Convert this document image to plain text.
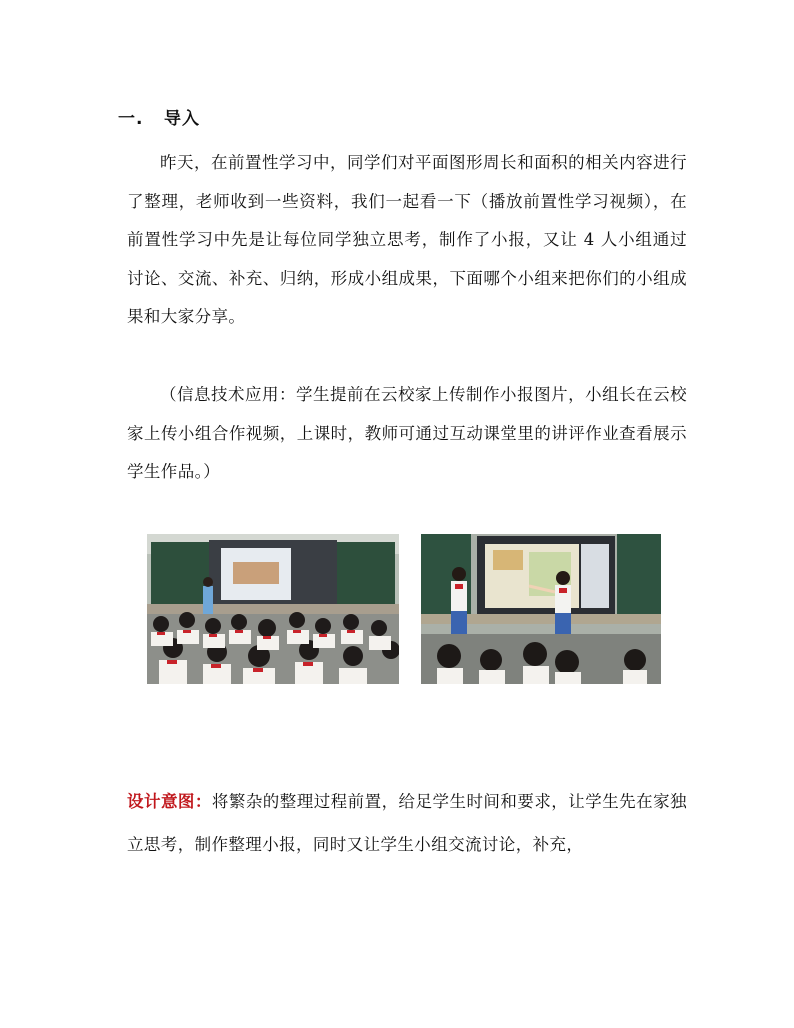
一. 导入

昨天，在前置性学习中，同学们对平面图形周长和面积的相关内容进行了整理，老师收到一些资料，我们一起看一下（播放前置性学习视频），在前置性学习中先是让每位同学独立思考，制作了小报，又让 4 人小组通过讨论、交流、补充、归纳，形成小组成果，下面哪个小组来把你们的小组成果和大家分享。

（信息技术应用：学生提前在云校家上传制作小报图片，小组长在云校家上传小组合作视频，上课时，教师可通过互动课堂里的讲评作业查看展示学生作品。）

设计意图：将繁杂的整理过程前置，给足学生时间和要求，让学生先在家独立思考，制作整理小报，同时又让学生小组交流讨论，补充，
